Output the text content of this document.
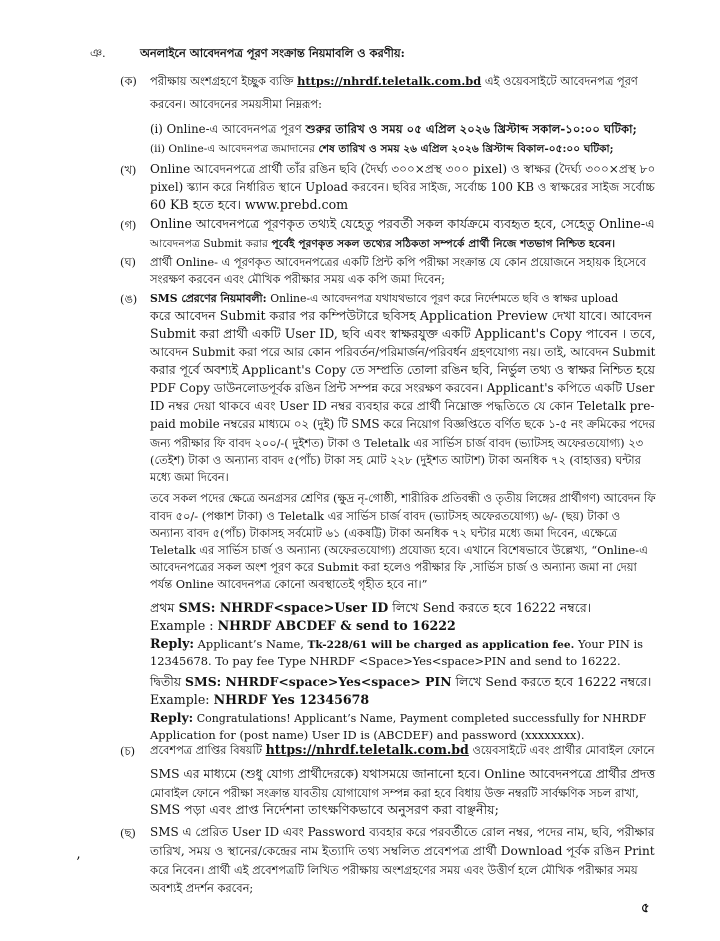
ঞ.	অনলাইনে আবেদনপত্র পূরণ সংক্রান্ত নিয়মাবলি ও করণীয়:
(ক) পরীক্ষায় অংশগ্রহণে ইচ্ছুক ব্যক্তি https://nhrdf.teletalk.com.bd এই ওয়েবসাইটে আবেদনপত্র পূরণ
করবেন। আবেদনের সময়সীমা নিম্নরূপ:
(i) Online-এ আবেদনপত্র পূরণ শুরুর তারিখ ও সময় ০৫ এপ্রিল ২০২৬ খ্রিস্টাব্দ সকাল-১০:০০ ঘটিকা;
(ii) Online-এ আবেদনপত্র জমাদানের শেষ তারিখ ও সময় ২৬ এপ্রিল ২০২৬ খ্রিস্টাব্দ বিকাল-০৫:০০ ঘটিকা;
(খ) Online আবেদনপত্রে প্রার্থী তাঁর রঙিন ছবি (দৈর্ঘ্য ৩০০×প্রস্থ ৩০০ pixel) ও স্বাক্ষর (দৈর্ঘ্য ৩০০×প্রস্থ ৮০
pixel) স্ক্যান করে নির্ধারিত স্থানে Upload করবেন। ছবির সাইজ, সর্বোচ্চ 100 KB ও স্বাক্ষরের সাইজ সর্বোচ্চ
60 KB হতে হবে। www.prebd.com
(গ) Online আবেদনপত্রে পূরণকৃত তথ্যই যেহেতু পরবর্তী সকল কার্যক্রমে ব্যবহৃত হবে, সেহেতু Online-এ
আবেদনপত্র Submit করার পূর্বেই পূরণকৃত সকল তথ্যের সঠিকতা সম্পর্কে প্রার্থী নিজে শতভাগ নিশ্চিত হবেন।
(ঘ) প্রার্থী Online- এ পূরণকৃত আবেদনপত্রের একটি প্রিন্ট কপি পরীক্ষা সংক্রান্ত যে কোন প্রয়োজনে সহায়ক হিসেবে
সংরক্ষণ করবেন এবং মৌখিক পরীক্ষার সময় এক কপি জমা দিবেন;
(ঙ) SMS প্রেরণের নিয়মাবলী: Online-এ আবেদনপত্র যথাযথভাবে পূরণ করে নির্দেশমতে ছবি ও স্বাক্ষর upload
করে আবেদন Submit করার পর কম্পিউটারে ছবিসহ Application Preview দেখা যাবে। আবেদন
Submit করা প্রার্থী একটি User ID, ছবি এবং স্বাক্ষরযুক্ত একটি Applicant's Copy পাবেন । তবে,
আবেদন Submit করা পরে আর কোন পরিবর্তন/পরিমার্জন/পরিবর্ধন গ্রহণযোগ্য নয়। তাই, আবেদন Submit
করার পূর্বে অবশ্যই Applicant's Copy তে সম্প্রতি তোলা রঙিন ছবি, নির্ভুল তথ্য ও স্বাক্ষর নিশ্চিত হয়ে
PDF Copy ডাউনলোডপূর্বক রঙিন প্রিন্ট সম্পন্ন করে সংরক্ষণ করবেন। Applicant's কপিতে একটি User
ID নম্বর দেয়া থাকবে এবং User ID নম্বর ব্যবহার করে প্রার্থী নিম্নোক্ত পদ্ধতিতে যে কোন Teletalk pre-
paid mobile নম্বরের মাধ্যমে ০২ (দুই) টি SMS করে নিয়োগ বিজ্ঞপ্তিতে বর্ণিত ছকে ১-৫ নং ক্রমিকের পদের
জন্য পরীক্ষার ফি বাবদ ২০০/-( দুইশত) টাকা ও Teletalk এর সার্ভিস চার্জ বাবদ (ভ্যাটসহ অফেরতযোগ্য) ২৩
(তেইশ) টাকা ও অন্যান্য বাবদ ৫(পাঁচ) টাকা সহ মোট ২২৮ (দুইশত আটাশ) টাকা অনধিক ৭২ (বাহাত্তর) ঘন্টার
মধ্যে জমা দিবেন।
তবে সকল পদের ক্ষেত্রে অনগ্রসর শ্রেণির (ক্ষুদ্র নৃ-গোষ্ঠী, শারীরিক প্রতিবন্ধী ও তৃতীয় লিঙ্গের প্রার্থীগণ) আবেদন ফি
বাবদ ৫০/- (পঞ্চাশ টাকা) ও Teletalk এর সার্ভিস চার্জ বাবদ (ভ্যাটসহ অফেরতযোগ্য) ৬/- (ছয়) টাকা ও
অন্যান্য বাবদ ৫(পাঁচ) টাকাসহ সর্বমোট ৬১ (একষট্টি) টাকা অনধিক ৭২ ঘন্টার মধ্যে জমা দিবেন, এক্ষেত্রে
Teletalk এর সার্ভিস চার্জ ও অন্যান্য (অফেরতযোগ্য) প্রযোজ্য হবে। এখানে বিশেষভাবে উল্লেখ্য, “Online-এ
আবেদনপত্রের সকল অংশ পূরণ করে Submit করা হলেও পরীক্ষার ফি ,সার্ভিস চার্জ ও অন্যান্য জমা না দেয়া
পর্যন্ত Online আবেদনপত্র কোনো অবস্থাতেই গৃহীত হবে না।”
প্রথম SMS: NHRDF<space>User ID লিখে Send করতে হবে 16222 নম্বরে।
Example : NHRDF ABCDEF & send to 16222
Reply: Applicant’s Name, Tk-228/61 will be charged as application fee. Your PIN is
12345678. To pay fee Type NHRDF <Space>Yes<space>PIN and send to 16222.
দ্বিতীয় SMS: NHRDF<space>Yes<space> PIN লিখে Send করতে হবে 16222 নম্বরে।
Example: NHRDF Yes 12345678
Reply: Congratulations! Applicant’s Name, Payment completed successfully for NHRDF
Application for (post name) User ID is (ABCDEF) and password (xxxxxxxx).
(চ) প্রবেশপত্র প্রাপ্তির বিষয়টি https://nhrdf.teletalk.com.bd ওয়েবসাইটে এবং প্রার্থীর মোবাইল ফোনে
SMS এর মাধ্যমে (শুধু যোগ্য প্রার্থীদেরকে) যথাসময়ে জানানো হবে। Online আবেদনপত্রে প্রার্থীর প্রদত্ত
মোবাইল ফোনে পরীক্ষা সংক্রান্ত যাবতীয় যোগাযোগ সম্পন্ন করা হবে বিধায় উক্ত নম্বরটি সার্বক্ষণিক সচল রাখা,
SMS পড়া এবং প্রাপ্ত নির্দেশনা তাৎক্ষণিকভাবে অনুসরণ করা বাঞ্ছনীয়;
(ছ) SMS এ প্রেরিত User ID এবং Password ব্যবহার করে পরবর্তীতে রোল নম্বর, পদের নাম, ছবি, পরীক্ষার
তারিখ, সময় ও স্থানের/কেন্দ্রের নাম ইত্যাদি তথ্য সম্বলিত প্রবেশপত্র প্রার্থী Download পূর্বক রঙিন Print
করে নিবেন। প্রার্থী এই প্রবেশপত্রটি লিখিত পরীক্ষায় অংশগ্রহণের সময় এবং উত্তীর্ণ হলে মৌখিক পরীক্ষার সময়
অবশ্যই প্রদর্শন করবেন;
’
৫
